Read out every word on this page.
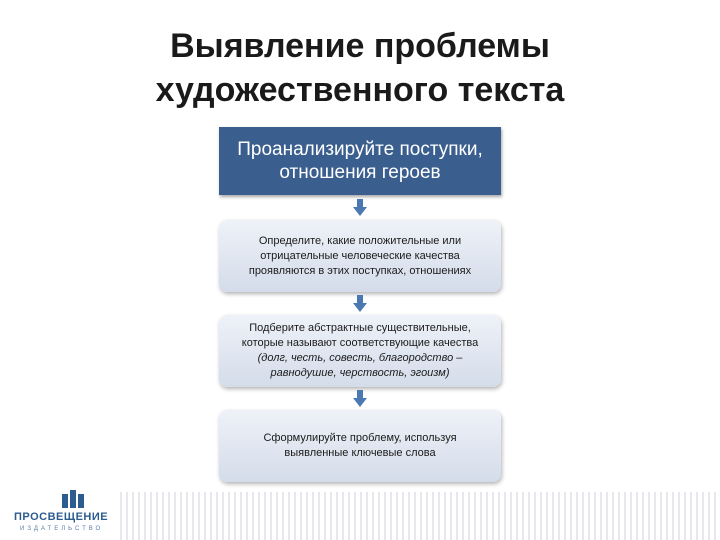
Выявление проблемы
художественного текста
Проанализируйте поступки,
отношения героев
Определите, какие положительные или
отрицательные человеческие качества
проявляются в этих поступках, отношениях
Подберите абстрактные существительные,
которые называют соответствующие качества
(долг, честь, совесть, благородство –
равнодушие, черствость, эгоизм)
Сформулируйте проблему, используя
выявленные ключевые слова
ПРОСВЕЩЕНИЕ
ИЗДАТЕЛЬСТВО
